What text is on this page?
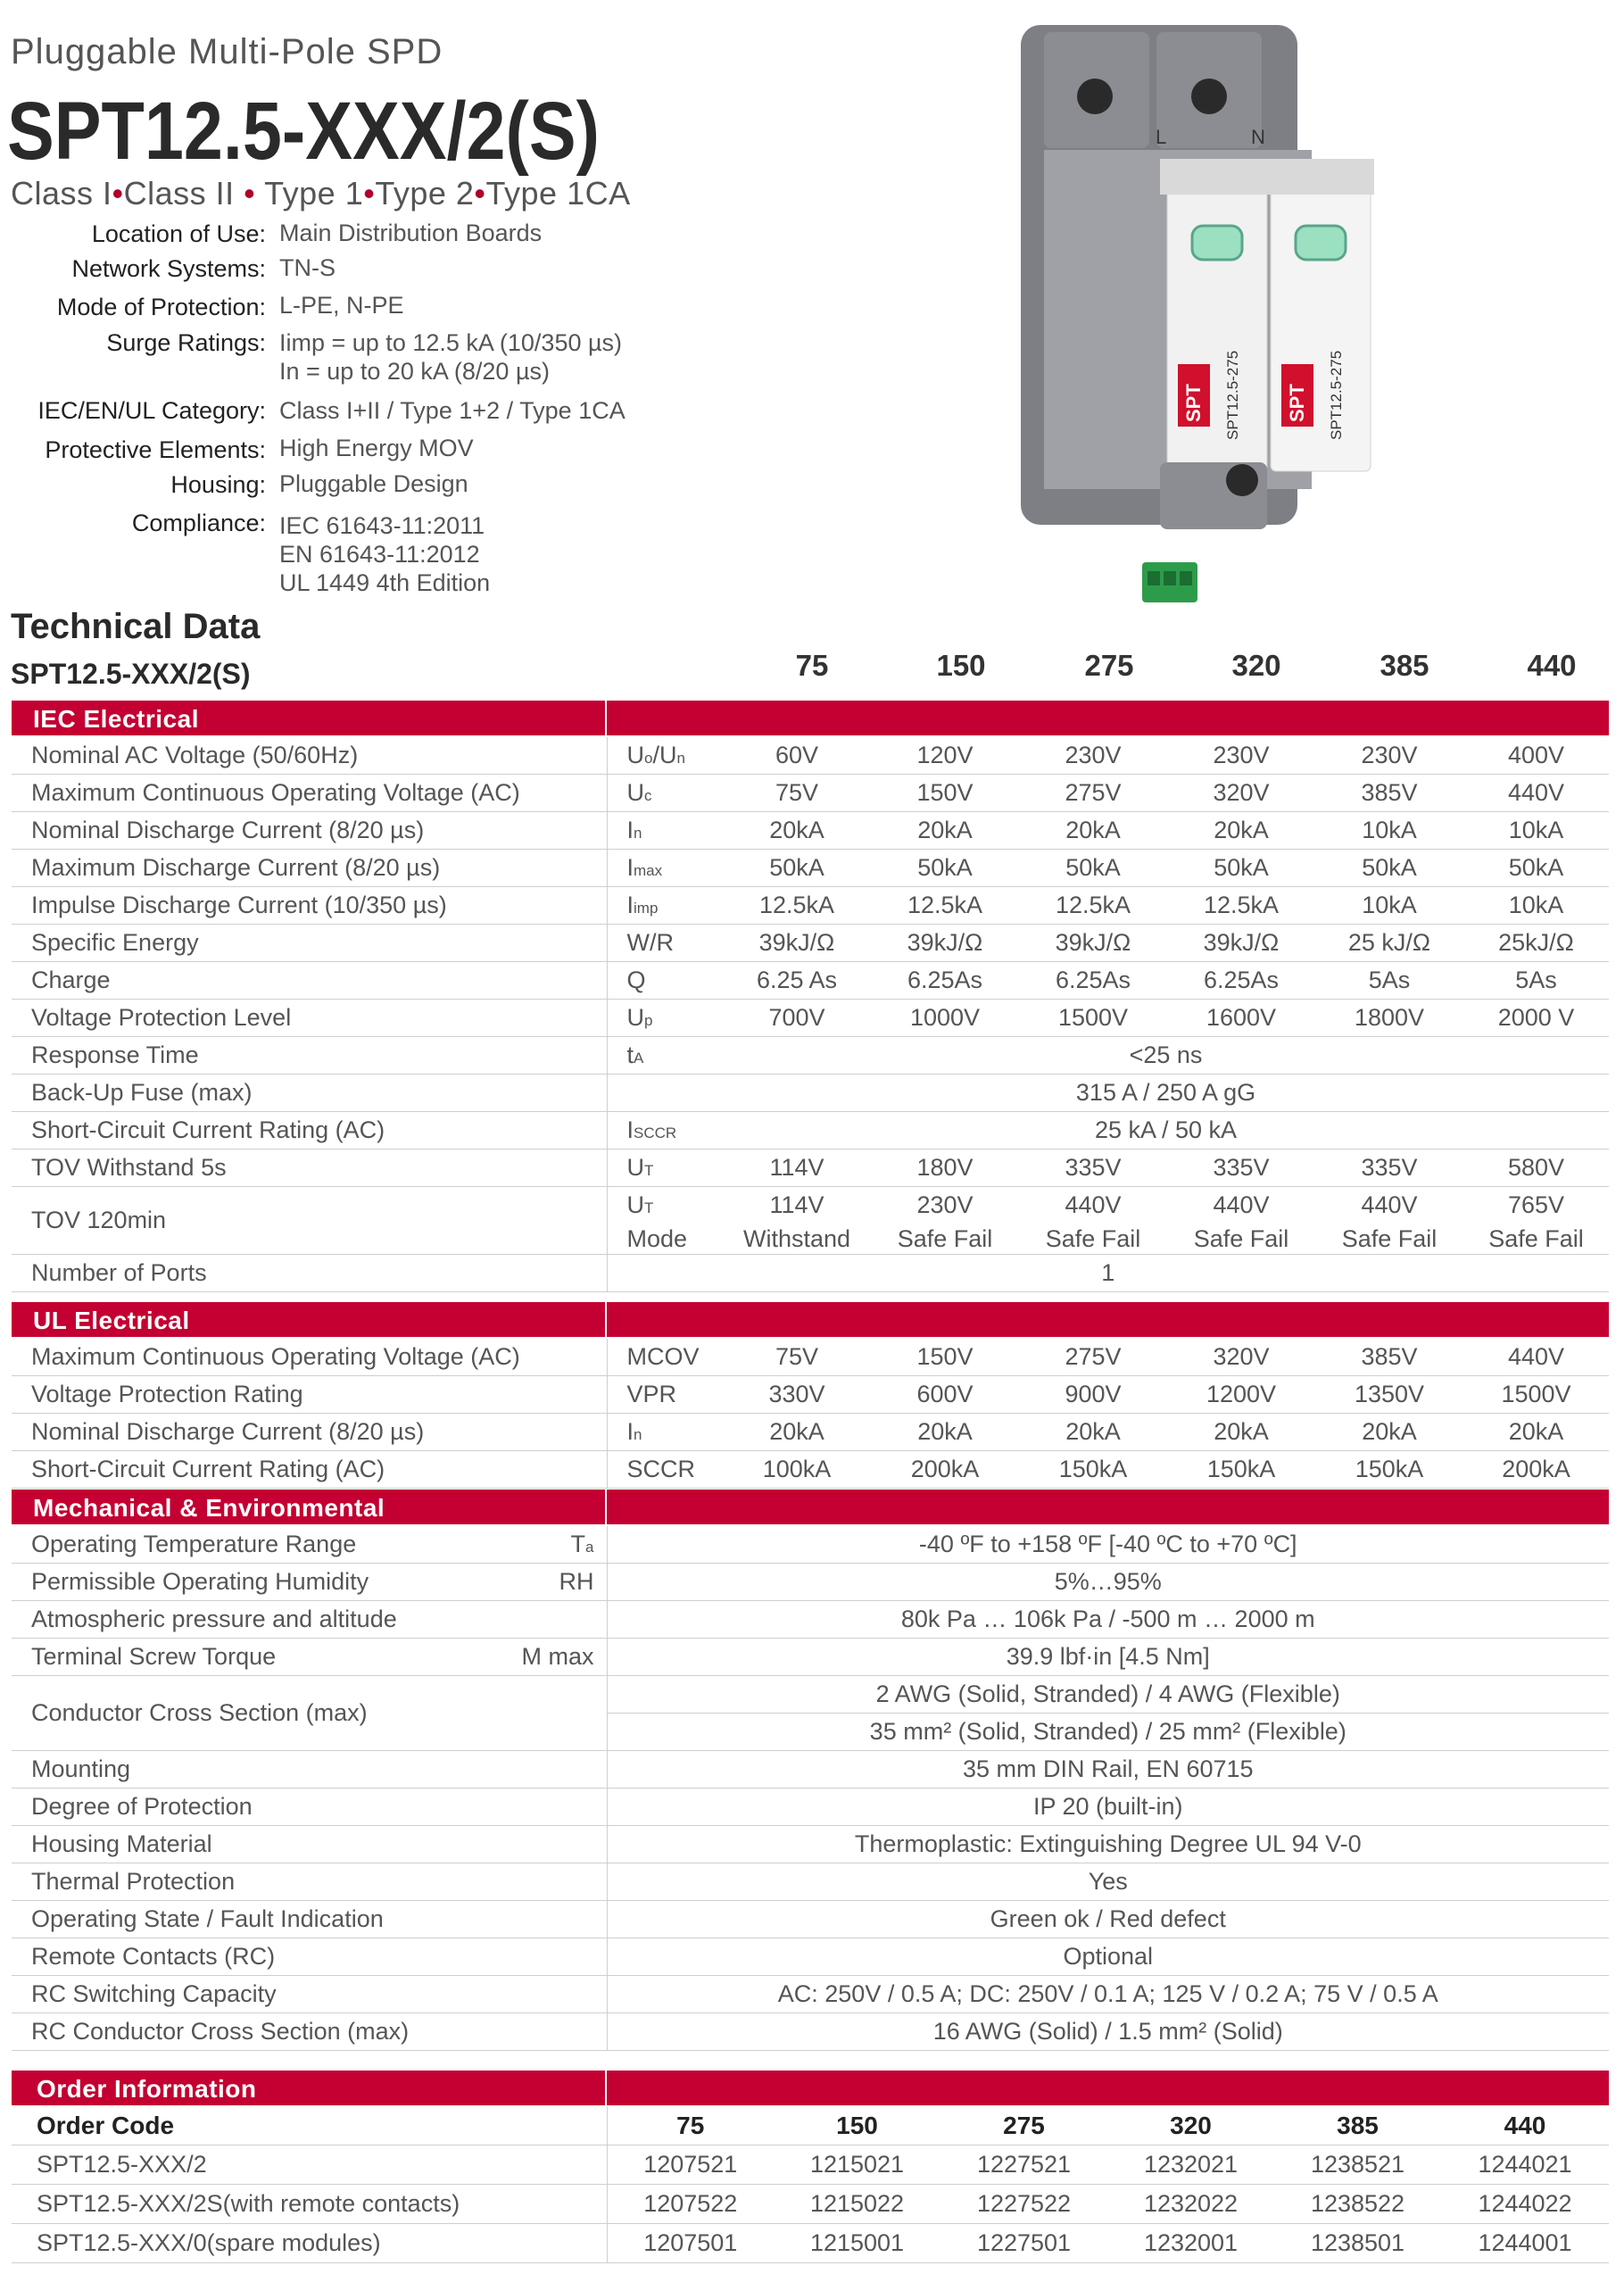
Pluggable Multi-Pole SPD
SPT12.5-XXX/2(S)
Class I•Class II • Type 1•Type 2•Type 1CA
Location of Use: Main Distribution Boards
Network Systems: TN-S
Mode of Protection: L-PE, N-PE
Surge Ratings: Iimp = up to 12.5 kA (10/350 µs)
In = up to 20 kA (8/20 µs)
IEC/EN/UL Category: Class I+II / Type 1+2 / Type 1CA
Protective Elements: High Energy MOV
Housing: Pluggable Design
Compliance: IEC 61643-11:2011
EN 61643-11:2012
UL 1449 4th Edition
L	N
SPT	SPT
SPT12.5-275	SPT12.5-275
Technical Data
SPT12.5-XXX/2(S)	75	150	275	320	385	440
IEC Electrical
Nominal AC Voltage (50/60Hz)	Uo/Un	60V	120V	230V	230V	230V	400V
Maximum Continuous Operating Voltage (AC)	Uc	75V	150V	275V	320V	385V	440V
Nominal Discharge Current (8/20 µs)	In	20kA	20kA	20kA	20kA	10kA	10kA
Maximum Discharge Current (8/20 µs)	Imax	50kA	50kA	50kA	50kA	50kA	50kA
Impulse Discharge Current (10/350 µs)	Iimp	12.5kA	12.5kA	12.5kA	12.5kA	10kA	10kA
Specific Energy	W/R	39kJ/Ω	39kJ/Ω	39kJ/Ω	39kJ/Ω	25 kJ/Ω	25kJ/Ω
Charge	Q	6.25 As	6.25As	6.25As	6.25As	5As	5As
Voltage Protection Level	Up	700V	1000V	1500V	1600V	1800V	2000 V
Response Time	tA	<25 ns					
Back-Up Fuse (max)		315 A / 250 A gG					
Short-Circuit Current Rating (AC)	ISCCR	25 kA / 50 kA					
TOV Withstand 5s	UT	114V	180V	335V	335V	335V	580V
TOV 120min	UT	114V	230V	440V	440V	440V	765V
	Mode	Withstand	Safe Fail	Safe Fail	Safe Fail	Safe Fail	Safe Fail
Number of Ports	1						
UL Electrical
Maximum Continuous Operating Voltage (AC)	MCOV	75V	150V	275V	320V	385V	440V
Voltage Protection Rating	VPR	330V	600V	900V	1200V	1350V	1500V
Nominal Discharge Current (8/20 µs)	In	20kA	20kA	20kA	20kA	20kA	20kA
Short-Circuit Current Rating (AC)	SCCR	100kA	200kA	150kA	150kA	150kA	200kA
Mechanical & Environmental
Operating Temperature Range Ta	-40 ºF to +158 ºF [-40 ºC to +70 ºC]
Permissible Operating Humidity RH	5%…95%
Atmospheric pressure and altitude	80k Pa … 106k Pa / -500 m … 2000 m
Terminal Screw Torque M max	39.9 lbf·in [4.5 Nm]
Conductor Cross Section (max)	2 AWG (Solid, Stranded) / 4 AWG (Flexible)
	35 mm² (Solid, Stranded) / 25 mm² (Flexible)
Mounting	35 mm DIN Rail, EN 60715
Degree of Protection	IP 20 (built-in)
Housing Material	Thermoplastic: Extinguishing Degree UL 94 V-0
Thermal Protection	Yes
Operating State / Fault Indication	Green ok / Red defect
Remote Contacts (RC)	Optional
RC Switching Capacity	AC: 250V / 0.5 A; DC: 250V / 0.1 A; 125 V / 0.2 A; 75 V / 0.5 A
RC Conductor Cross Section (max)	16 AWG (Solid) / 1.5 mm² (Solid)
Order Information
Order Code	75	150	275	320	385	440
SPT12.5-XXX/2	1207521	1215021	1227521	1232021	1238521	1244021
SPT12.5-XXX/2S(with remote contacts)	1207522	1215022	1227522	1232022	1238522	1244022
SPT12.5-XXX/0(spare modules)	1207501	1215001	1227501	1232001	1238501	1244001
